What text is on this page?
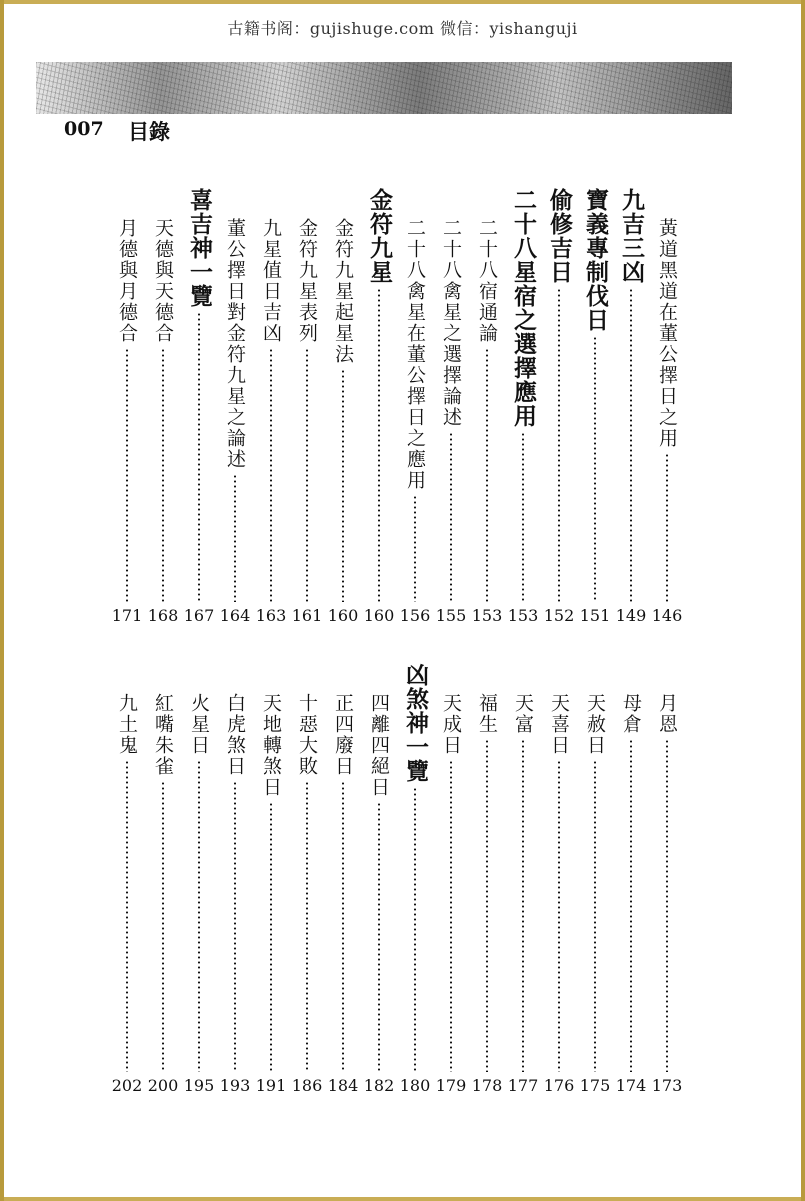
古籍书阁：gujishuge.com 微信：yishanguji
007 目錄
黃道黑道在董公擇日之用
146
九吉三凶
149
寶義專制伐日
151
偷修吉日
152
二十八星宿之選擇應用
153
二十八宿通論
153
二十八禽星之選擇論述
155
二十八禽星在董公擇日之應用
156
金符九星
160
金符九星起星法
160
金符九星表列
161
九星值日吉凶
163
董公擇日對金符九星之論述
164
喜吉神一覽
167
天德與天德合
168
月德與月德合
171
月恩
173
母倉
174
天赦日
175
天喜日
176
天富
177
福生
178
天成日
179
凶煞神一覽
180
四離四絕日
182
正四廢日
184
十惡大敗
186
天地轉煞日
191
白虎煞日
193
火星日
195
紅嘴朱雀
200
九土鬼
202
